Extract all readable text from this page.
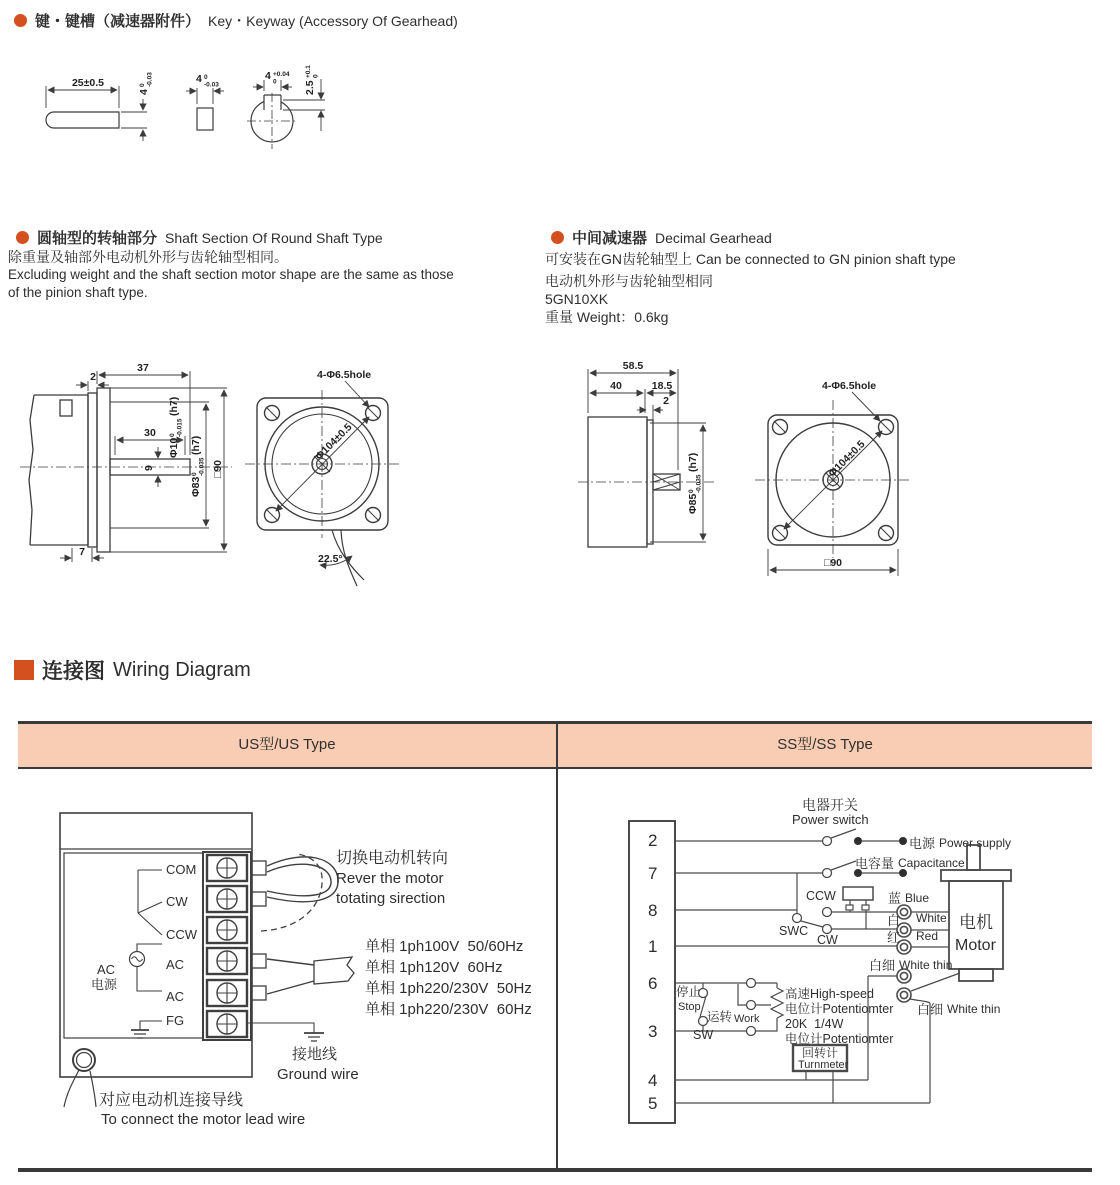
键・键槽（减速器附件） Key・Keyway (Accessory Of Gearhead)
25±0.5
4
0 -0.03	4 0
-0.03
4 +0.04
0	2.5
+0.1 0
圆轴型的转轴部分 Shaft Section Of Round Shaft Type
除重量及轴部外电动机外形与齿轮轴型相同。
Excluding weight and the shaft section motor shape are the same as those
of the pinion shaft type.
中间减速器 Decimal Gearhead
可安装在GN齿轮轴型上 Can be connected to GN pinion shaft type
电动机外形与齿轮轴型相同
5GN10XK
重量 Weight：0.6kg
37
2
30
7
9
Φ10
0 -0.015
(h7)
Φ83
0 -0.035
(h7)
□90
4-Φ6.5hole
Φ104±0.5
22.5°
58.5
40	18.5
2
Φ85
0 -0.035
(h7)
4-Φ6.5hole
Φ104±0.5
□90
连接图 Wiring Diagram
US型/US Type	SS型/SS Type
COM
CW
CCW
AC
AC
FG
AC
电源
切换电动机转向
Rever the motor
totating sirection
单相 1ph100V  50/60Hz
单相 1ph120V  60Hz
单相 1ph220/230V  50Hz
单相 1ph220/230V  60Hz
接地线
Ground wire
对应电动机连接导线
To connect the motor lead wire
电器开关
Power switch
2
7
8
1
6
3
4
5
电源 Power supply
电容量 Capacitance
CCW
SWC
CW
蓝 Blue
白 White
红 Red
白细 White thin
白细 White thin
电机
Motor
停止
Stop
运转 Work
SW
高速High-speed
电位计Potentiomter
20K  1/4W
电位计Potentiomter
回转计
Turnmeter
